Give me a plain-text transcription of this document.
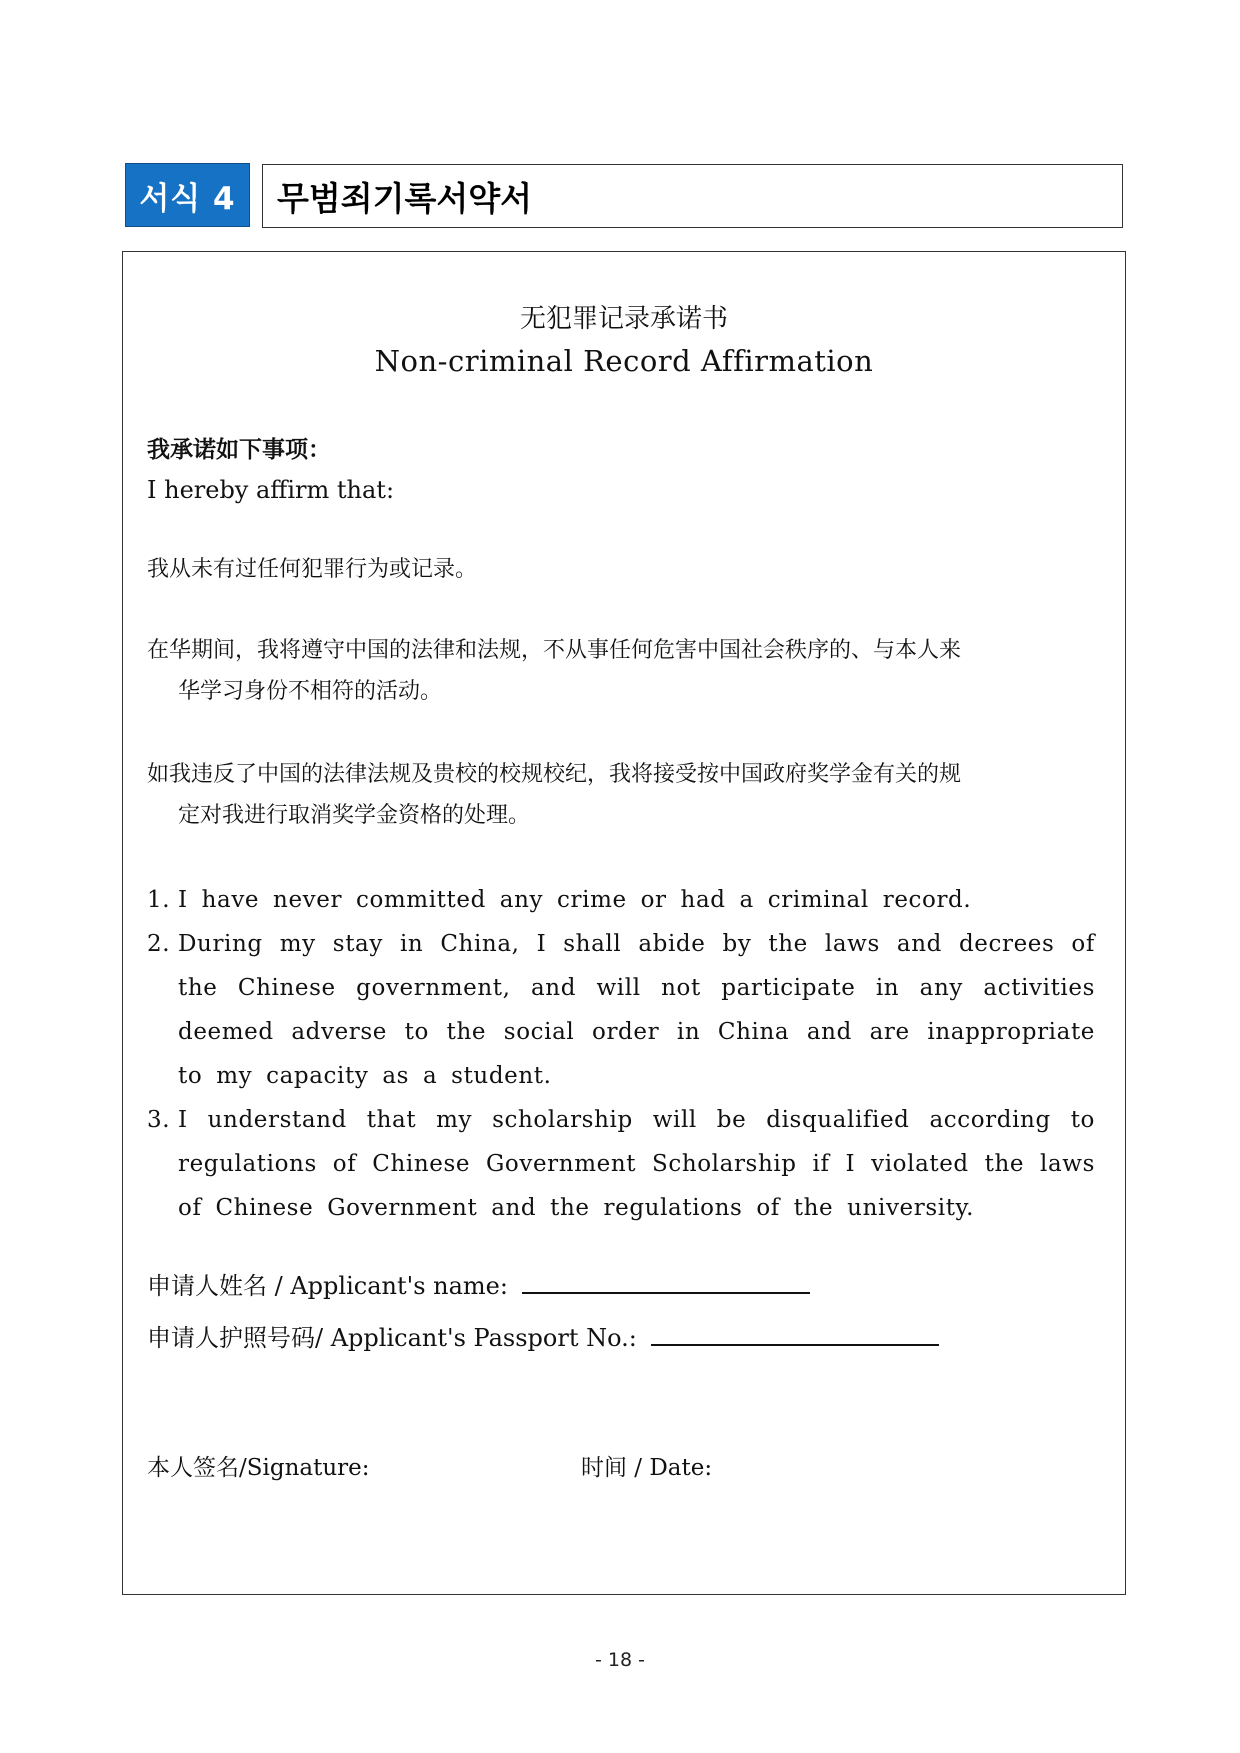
서식 4	무범죄기록서약서
无犯罪记录承诺书
Non-criminal Record Affirmation
我承诺如下事项：
I hereby affirm that:
我从未有过任何犯罪行为或记录。
在华期间，我将遵守中国的法律和法规，不从事任何危害中国社会秩序的、与本人来
华学习身份不相符的活动。
如我违反了中国的法律法规及贵校的校规校纪，我将接受按中国政府奖学金有关的规
定对我进行取消奖学金资格的处理。
1. I have never committed any crime or had a criminal record.
2. During my stay in China, I shall abide by the laws and decrees of the Chinese government, and will not participate in any activities deemed adverse to the social order in China and are inappropriate to my capacity as a student.
3. I understand that my scholarship will be disqualified according to regulations of Chinese Government Scholarship if I violated the laws of Chinese Government and the regulations of the university.
申请人姓名 / Applicant's name:
申请人护照号码/ Applicant's Passport No.:
本人签名/Signature:	时间 / Date:
- 18 -
